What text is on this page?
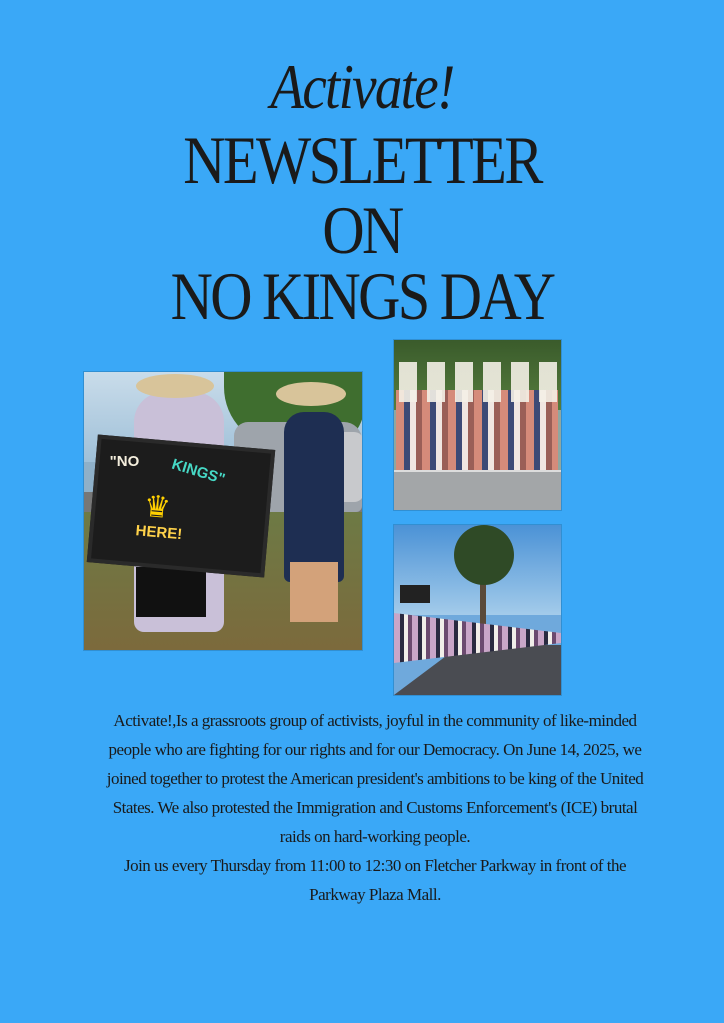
Activate!
NEWSLETTER
ON
NO KINGS DAY
"NO KINGS"
♛
HERE!

Activate!,Is a grassroots group of activists, joyful in the community of like-minded people who are fighting for our rights and for our Democracy. On June 14, 2025, we joined together to protest the American president's ambitions to be king of the United States. We also protested the Immigration and Customs Enforcement's (ICE) brutal raids on hard-working people.

Join us every Thursday from 11:00 to 12:30 on Fletcher Parkway in front of the Parkway Plaza Mall.
